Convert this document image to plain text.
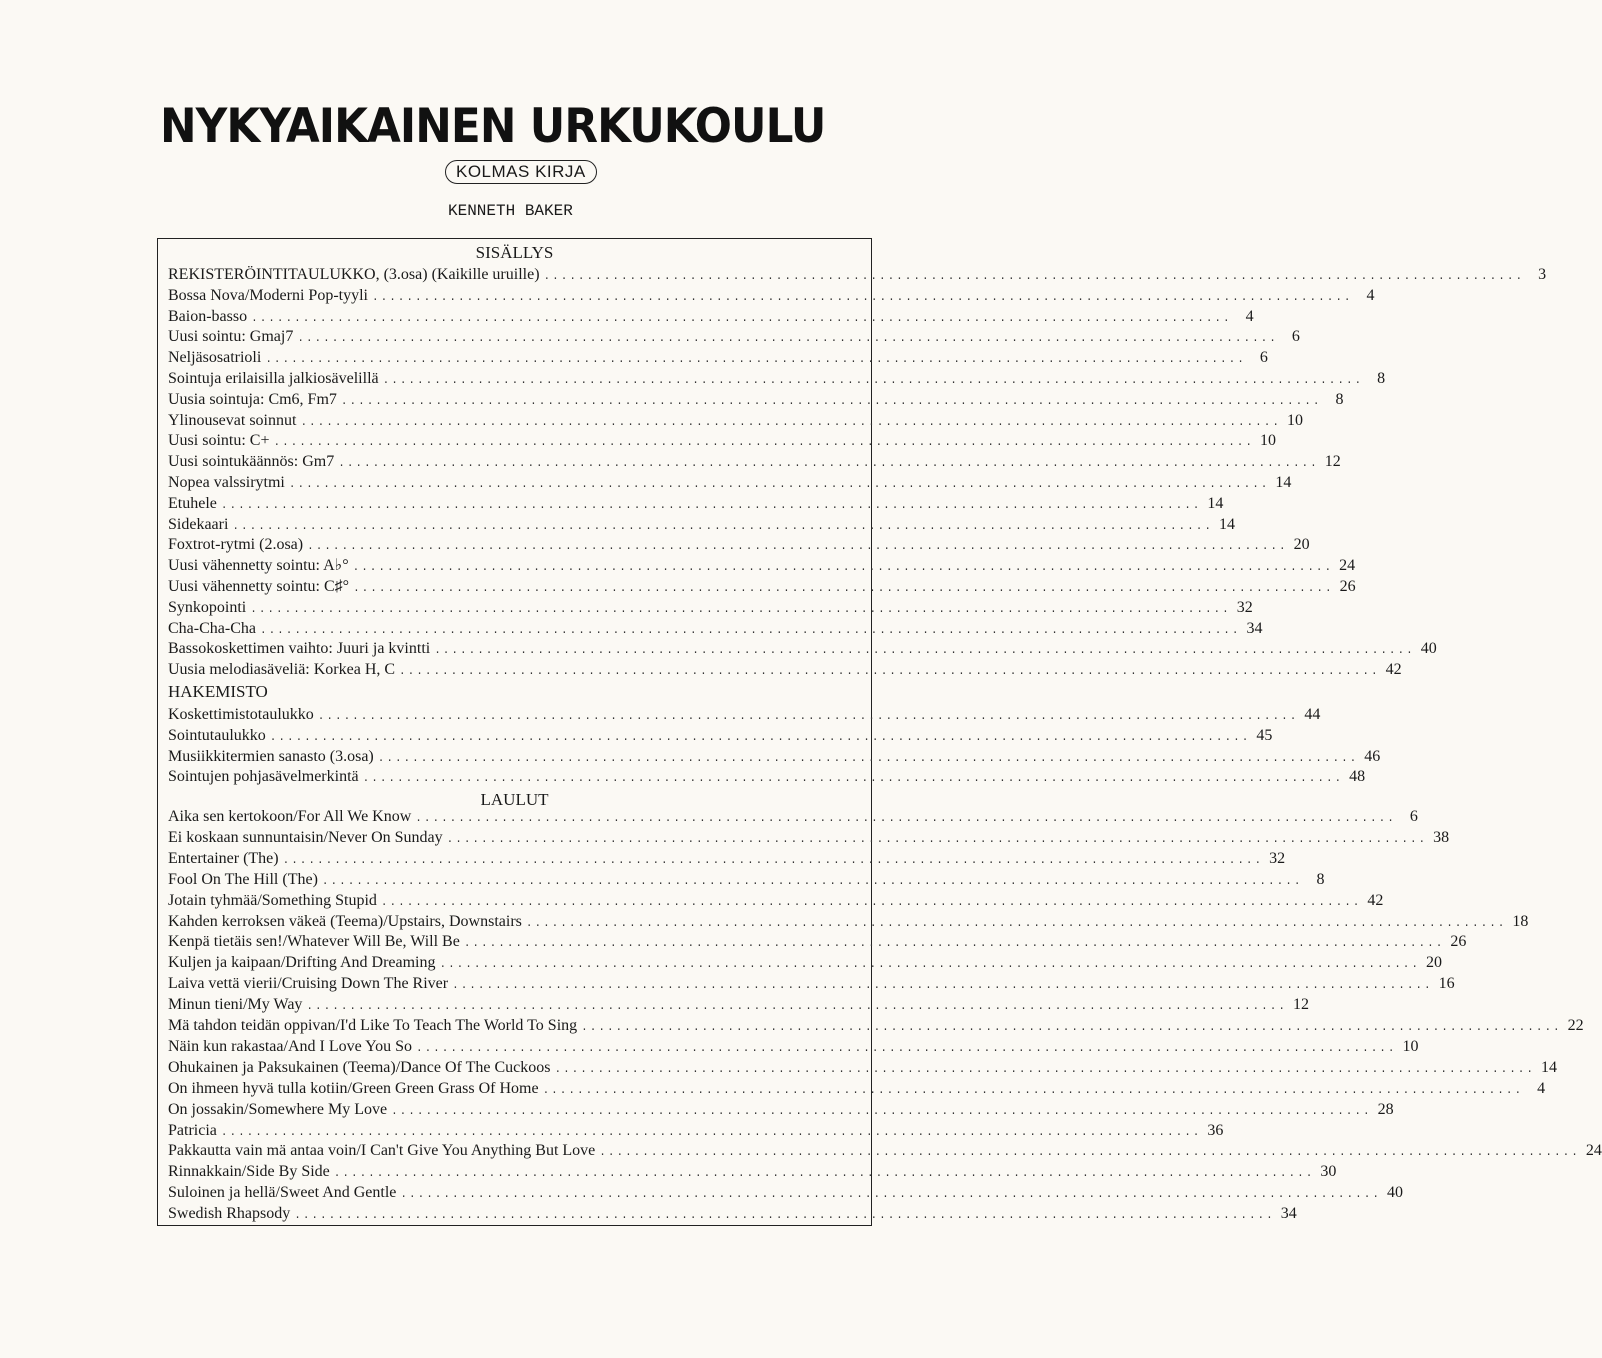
NYKYAIKAINEN URKUKOULU
KOLMAS KIRJA
KENNETH BAKER
SISÄLLYS
REKISTERÖINTITAULUKKO, (3.osa) (Kaikille uruille) .................................................................................................................. 3
Bossa Nova/Moderni Pop-tyyli .................................................................................................................. 4
Baion-basso .................................................................................................................. 4
Uusi sointu: Gmaj7 .................................................................................................................. 6
Neljäsosatrioli .................................................................................................................. 6
Sointuja erilaisilla jalkiosävelillä .................................................................................................................. 8
Uusia sointuja: Cm6, Fm7 .................................................................................................................. 8
Ylinousevat soinnut .................................................................................................................. 10
Uusi sointu: C+ .................................................................................................................. 10
Uusi sointukäännös: Gm7 .................................................................................................................. 12
Nopea valssirytmi .................................................................................................................. 14
Etuhele .................................................................................................................. 14
Sidekaari .................................................................................................................. 14
Foxtrot-rytmi (2.osa) .................................................................................................................. 20
Uusi vähennetty sointu: A♭° .................................................................................................................. 24
Uusi vähennetty sointu: C♯° .................................................................................................................. 26
Synkopointi .................................................................................................................. 32
Cha-Cha-Cha .................................................................................................................. 34
Bassokoskettimen vaihto: Juuri ja kvintti .................................................................................................................. 40
Uusia melodiasäveliä: Korkea H, C .................................................................................................................. 42
HAKEMISTO
Koskettimistotaulukko .................................................................................................................. 44
Sointutaulukko .................................................................................................................. 45
Musiikkitermien sanasto (3.osa) .................................................................................................................. 46
Sointujen pohjasävelmerkintä .................................................................................................................. 48
LAULUT
Aika sen kertokoon/For All We Know .................................................................................................................. 6
Ei koskaan sunnuntaisin/Never On Sunday .................................................................................................................. 38
Entertainer (The) .................................................................................................................. 32
Fool On The Hill (The) .................................................................................................................. 8
Jotain tyhmää/Something Stupid .................................................................................................................. 42
Kahden kerroksen väkeä (Teema)/Upstairs, Downstairs .................................................................................................................. 18
Kenpä tietäis sen!/Whatever Will Be, Will Be .................................................................................................................. 26
Kuljen ja kaipaan/Drifting And Dreaming .................................................................................................................. 20
Laiva vettä vierii/Cruising Down The River .................................................................................................................. 16
Minun tieni/My Way .................................................................................................................. 12
Mä tahdon teidän oppivan/I'd Like To Teach The World To Sing .................................................................................................................. 22
Näin kun rakastaa/And I Love You So .................................................................................................................. 10
Ohukainen ja Paksukainen (Teema)/Dance Of The Cuckoos .................................................................................................................. 14
On ihmeen hyvä tulla kotiin/Green Green Grass Of Home .................................................................................................................. 4
On jossakin/Somewhere My Love .................................................................................................................. 28
Patricia .................................................................................................................. 36
Pakkautta vain mä antaa voin/I Can't Give You Anything But Love .................................................................................................................. 24
Rinnakkain/Side By Side .................................................................................................................. 30
Suloinen ja hellä/Sweet And Gentle .................................................................................................................. 40
Swedish Rhapsody .................................................................................................................. 34
